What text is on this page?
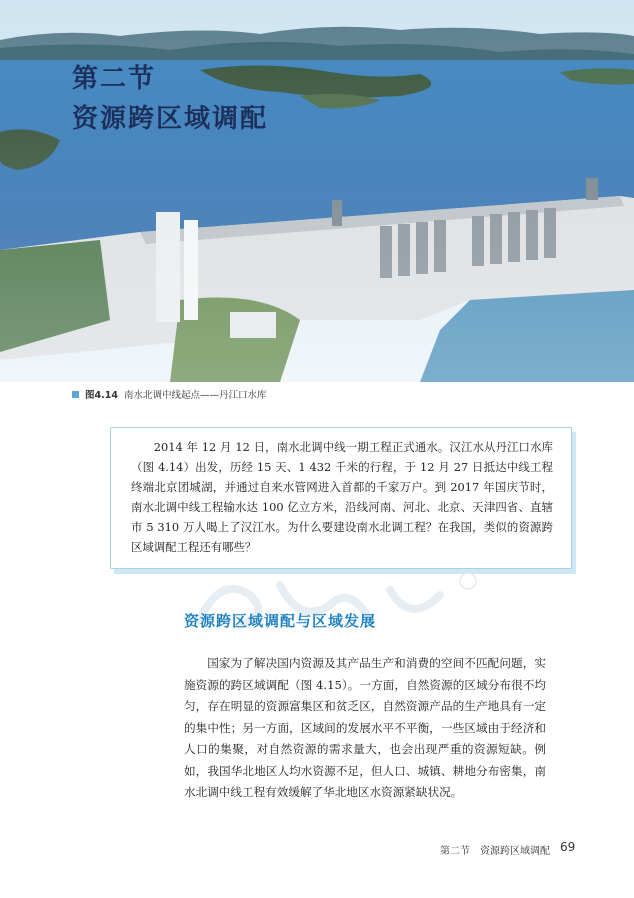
第二节
资源跨区域调配
图4.14 南水北调中线起点——丹江口水库

2014 年 12 月 12 日，南水北调中线一期工程正式通水。汉江水从丹江口水库（图 4.14）出发，历经 15 天、1 432 千米的行程，于 12 月 27 日抵达中线工程终端北京团城湖，并通过自来水管网进入首都的千家万户。到 2017 年国庆节时，南水北调中线工程输水达 100 亿立方米，沿线河南、河北、北京、天津四省、直辖市 5 310 万人喝上了汉江水。为什么要建设南水北调工程？在我国，类似的资源跨区域调配工程还有哪些？

资源跨区域调配与区域发展

国家为了解决国内资源及其产品生产和消费的空间不匹配问题，实施资源的跨区域调配（图 4.15）。一方面，自然资源的区域分布很不均匀，存在明显的资源富集区和贫乏区，自然资源产品的生产地具有一定的集中性；另一方面，区域间的发展水平不平衡，一些区域由于经济和人口的集聚，对自然资源的需求量大，也会出现严重的资源短缺。例如，我国华北地区人均水资源不足，但人口、城镇、耕地分布密集，南水北调中线工程有效缓解了华北地区水资源紧缺状况。

第二节　资源跨区域调配 69
